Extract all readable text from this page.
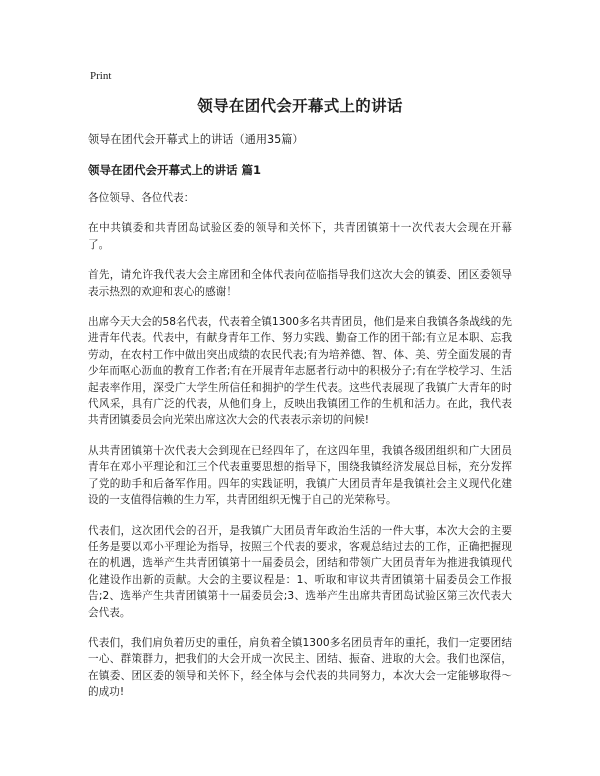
Print
领导在团代会开幕式上的讲话

领导在团代会开幕式上的讲话（通用35篇）

领导在团代会开幕式上的讲话 篇1

各位领导、各位代表：

在中共镇委和共青团岛试验区委的领导和关怀下，共青团镇第十一次代表大会现在开幕了。

首先，请允许我代表大会主席团和全体代表向莅临指导我们这次大会的镇委、团区委领导表示热烈的欢迎和衷心的感谢！

出席今天大会的58名代表，代表着全镇1300多名共青团员，他们是来自我镇各条战线的先进青年代表。代表中，有献身青年工作、努力实践、勤奋工作的团干部;有立足本职、忘我劳动，在农村工作中做出突出成绩的农民代表;有为培养德、智、体、美、劳全面发展的青少年而呕心沥血的教育工作者;有在开展青年志愿者行动中的积极分子;有在学校学习、生活起表率作用，深受广大学生所信任和拥护的学生代表。这些代表展现了我镇广大青年的时代风采，具有广泛的代表，从他们身上，反映出我镇团工作的生机和活力。在此，我代表共青团镇委员会向光荣出席这次大会的代表表示亲切的问候!

从共青团镇第十次代表大会到现在已经四年了，在这四年里，我镇各级团组织和广大团员青年在邓小平理论和江三个代表重要思想的指导下，围绕我镇经济发展总目标，充分发挥了党的助手和后备军作用。四年的实践证明，我镇广大团员青年是我镇社会主义现代化建设的一支值得信赖的生力军，共青团组织无愧于自己的光荣称号。

代表们，这次团代会的召开，是我镇广大团员青年政治生活的一件大事，本次大会的主要任务是要以邓小平理论为指导，按照三个代表的要求，客观总结过去的工作，正确把握现在的机遇，选举产生共青团镇第十一届委员会，团结和带领广大团员青年为推进我镇现代化建设作出新的贡献。大会的主要议程是：1、听取和审议共青团镇第十届委员会工作报告;2、选举产生共青团镇第十一届委员会;3、选举产生出席共青团岛试验区第三次代表大会代表。

代表们，我们肩负着历史的重任，肩负着全镇1300多名团员青年的重托，我们一定要团结一心、群策群力，把我们的大会开成一次民主、团结、振奋、进取的大会。我们也深信，在镇委、团区委的领导和关怀下，经全体与会代表的共同努力，本次大会一定能够取得～的成功!
